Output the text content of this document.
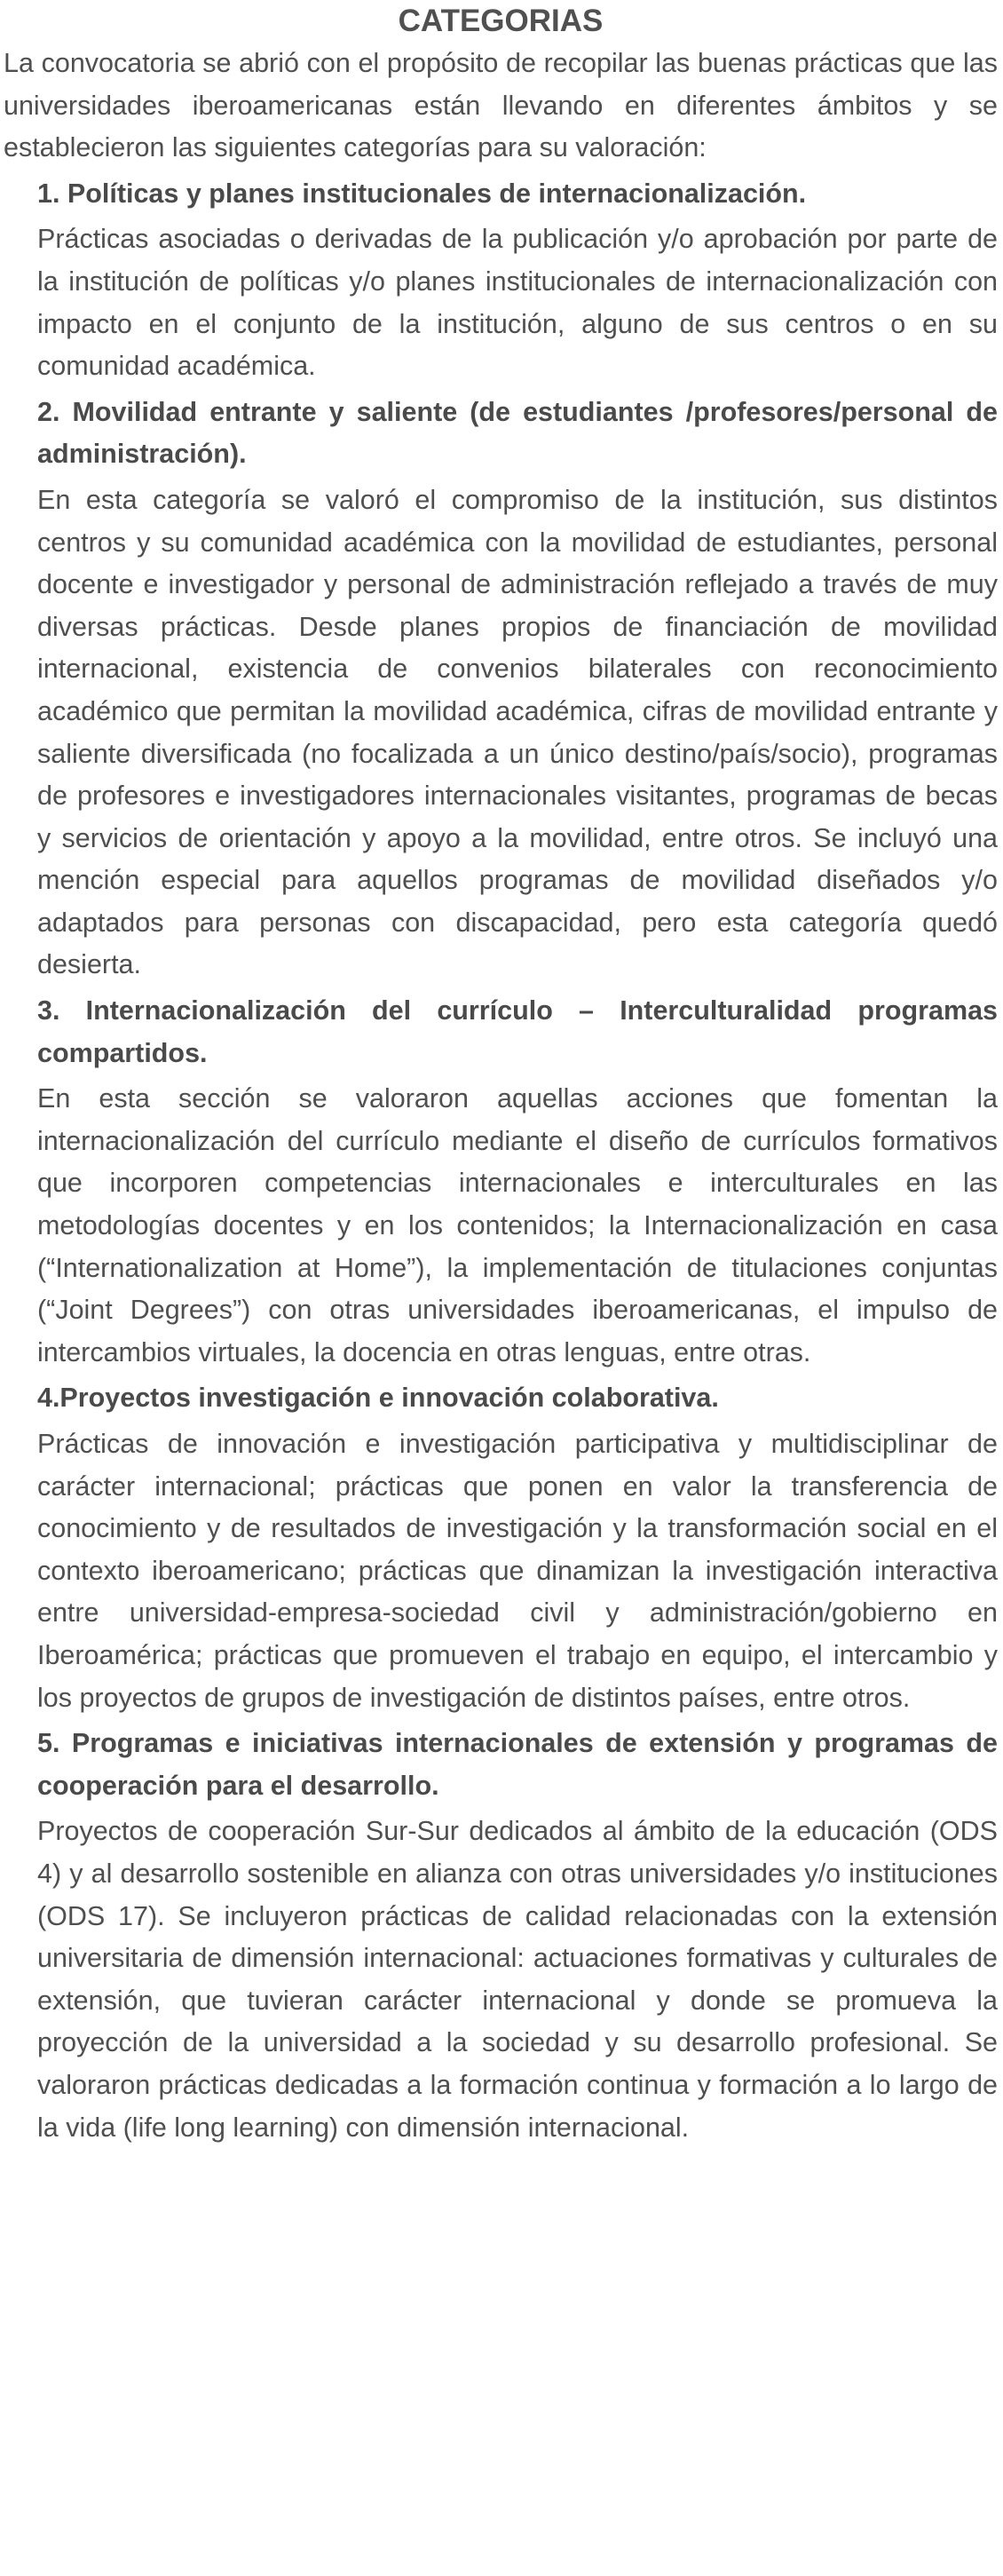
CATEGORIAS

La convocatoria se abrió con el propósito de recopilar las buenas prácticas que las universidades iberoamericanas están llevando en diferentes ámbitos y se establecieron las siguientes categorías para su valoración:

1. Políticas y planes institucionales de internacionalización.

Prácticas asociadas o derivadas de la publicación y/o aprobación por parte de la institución de políticas y/o planes institucionales de internacionalización con impacto en el conjunto de la institución, alguno de sus centros o en su comunidad académica.

2. Movilidad entrante y saliente (de estudiantes /profesores/personal de administración).

En esta categoría se valoró el compromiso de la institución, sus distintos centros y su comunidad académica con la movilidad de estudiantes, personal docente e investigador y personal de administración reflejado a través de muy diversas prácticas. Desde planes propios de financiación de movilidad internacional, existencia de convenios bilaterales con reconocimiento académico que permitan la movilidad académica, cifras de movilidad entrante y saliente diversificada (no focalizada a un único destino/país/socio), programas de profesores e investigadores internacionales visitantes, programas de becas y servicios de orientación y apoyo a la movilidad, entre otros. Se incluyó una mención especial para aquellos programas de movilidad diseñados y/o adaptados para personas con discapacidad, pero esta categoría quedó desierta.

3. Internacionalización del currículo – Interculturalidad programas compartidos.

En esta sección se valoraron aquellas acciones que fomentan la internacionalización del currículo mediante el diseño de currículos formativos que incorporen competencias internacionales e interculturales en las metodologías docentes y en los contenidos; la Internacionalización en casa (“Internationalization at Home”), la implementación de titulaciones conjuntas (“Joint Degrees”) con otras universidades iberoamericanas, el impulso de intercambios virtuales, la docencia en otras lenguas, entre otras.

4.Proyectos investigación e innovación colaborativa.

Prácticas de innovación e investigación participativa y multidisciplinar de carácter internacional; prácticas que ponen en valor la transferencia de conocimiento y de resultados de investigación y la transformación social en el contexto iberoamericano; prácticas que dinamizan la investigación interactiva entre universidad-empresa-sociedad civil y administración/gobierno en Iberoamérica; prácticas que promueven el trabajo en equipo, el intercambio y los proyectos de grupos de investigación de distintos países, entre otros.

5. Programas e iniciativas internacionales de extensión y programas de cooperación para el desarrollo.

Proyectos de cooperación Sur-Sur dedicados al ámbito de la educación (ODS 4) y al desarrollo sostenible en alianza con otras universidades y/o instituciones (ODS 17). Se incluyeron prácticas de calidad relacionadas con la extensión universitaria de dimensión internacional: actuaciones formativas y culturales de extensión, que tuvieran carácter internacional y donde se promueva la proyección de la universidad a la sociedad y su desarrollo profesional. Se valoraron prácticas dedicadas a la formación continua y formación a lo largo de la vida (life long learning) con dimensión internacional.
